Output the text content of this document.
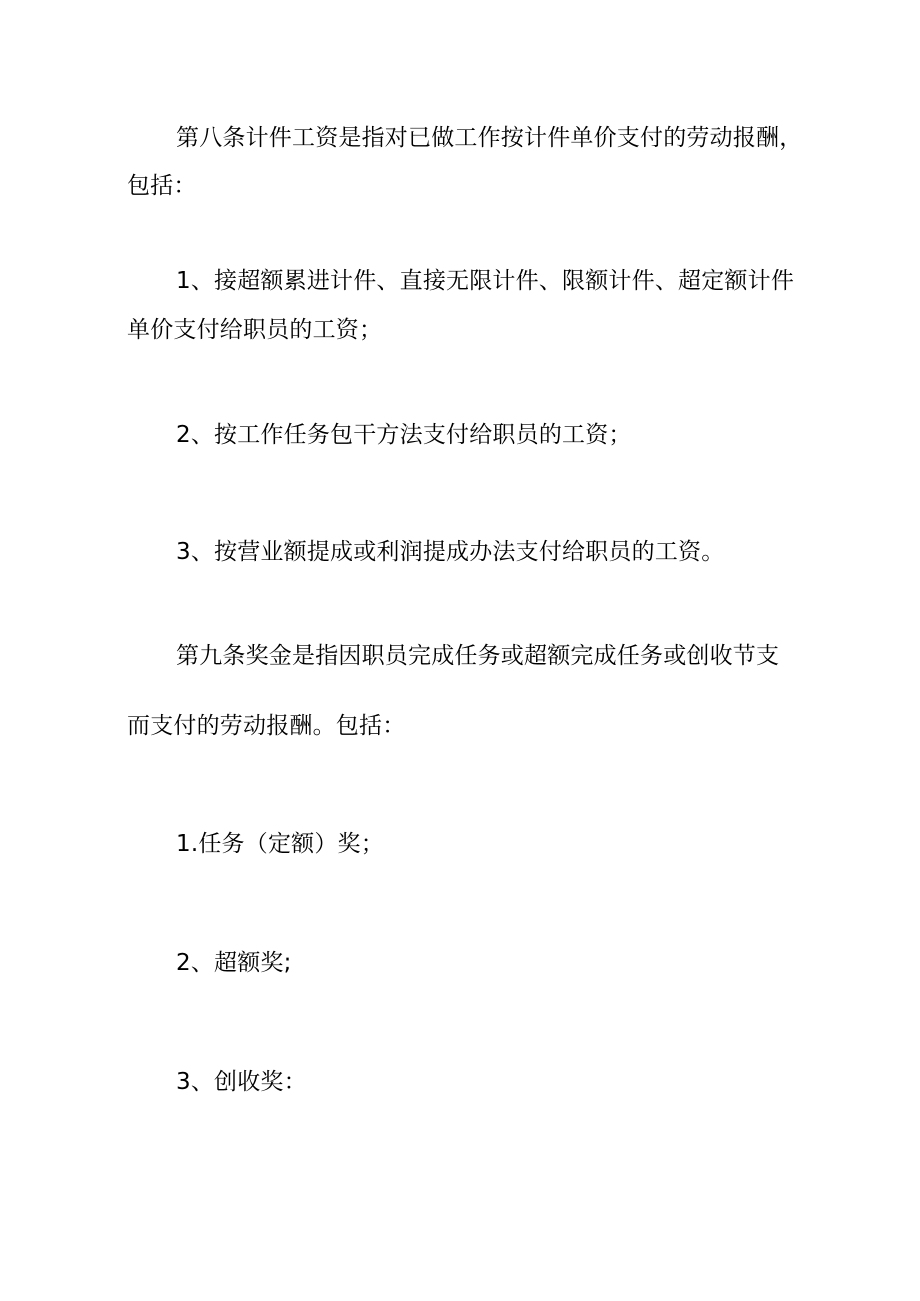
第八条计件工资是指对已做工作按计件单价支付的劳动报酬，
包括：
1、接超额累进计件、直接无限计件、限额计件、超定额计件
单价支付给职员的工资；
2、按工作任务包干方法支付给职员的工资；
3、按营业额提成或利润提成办法支付给职员的工资。
第九条奖金是指因职员完成任务或超额完成任务或创收节支
而支付的劳动报酬。包括：
1.任务（定额）奖；
2、超额奖;
3、创收奖：
